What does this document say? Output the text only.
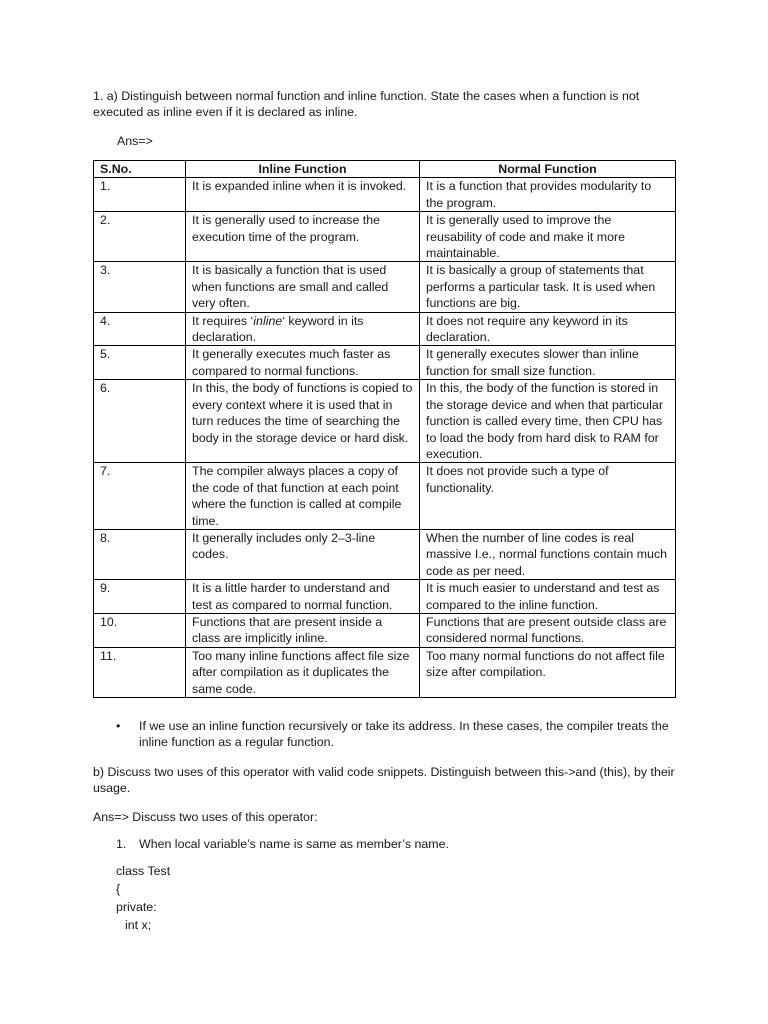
1. a) Distinguish between normal function and inline function. State the cases when a function is not executed as inline even if it is declared as inline.

Ans=>

S.No.	Inline Function	Normal Function
1.	It is expanded inline when it is invoked.	It is a function that provides modularity to the program.
2.	It is generally used to increase the execution time of the program.	It is generally used to improve the reusability of code and make it more maintainable.
3.	It is basically a function that is used when functions are small and called very often.	It is basically a group of statements that performs a particular task. It is used when functions are big.
4.	It requires ‘inline‘ keyword in its declaration.	It does not require any keyword in its declaration.
5.	It generally executes much faster as compared to normal functions.	It generally executes slower than inline function for small size function.
6.	In this, the body of functions is copied to every context where it is used that in turn reduces the time of searching the body in the storage device or hard disk.	In this, the body of the function is stored in the storage device and when that particular function is called every time, then CPU has to load the body from hard disk to RAM for execution.
7.	The compiler always places a copy of the code of that function at each point where the function is called at compile time.	It does not provide such a type of functionality.
8.	It generally includes only 2–3-line codes.	When the number of line codes is real massive I.e., normal functions contain much code as per need.
9.	It is a little harder to understand and test as compared to normal function.	It is much easier to understand and test as compared to the inline function.
10.	Functions that are present inside a class are implicitly inline.	Functions that are present outside class are considered normal functions.
11.	Too many inline functions affect file size after compilation as it duplicates the same code.	Too many normal functions do not affect file size after compilation.
• If we use an inline function recursively or take its address. In these cases, the compiler treats the inline function as a regular function.

b) Discuss two uses of this operator with valid code snippets. Distinguish between this->and (this), by their usage.

Ans=> Discuss two uses of this operator:

1. When local variable’s name is same as member’s name.
class Test
{
private:
int x;
